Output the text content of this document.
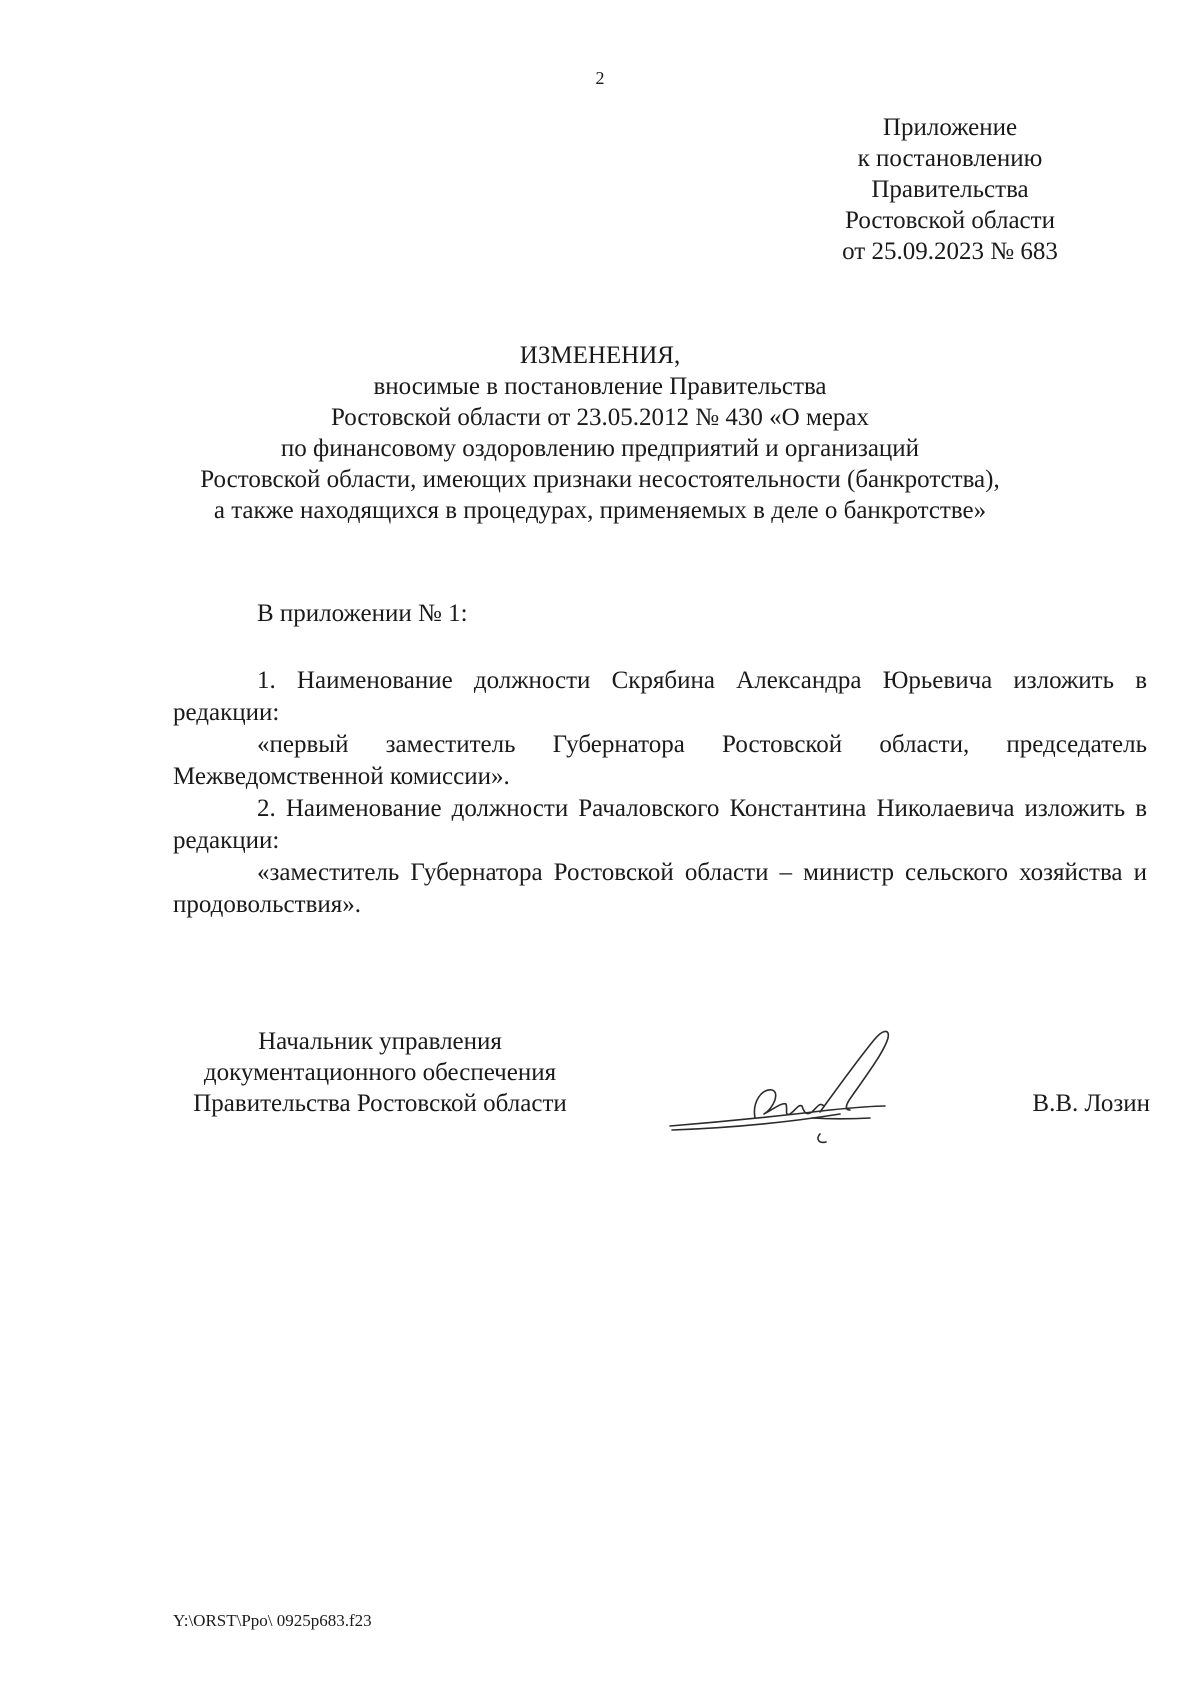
2
Приложение
к постановлению
Правительства
Ростовской области
от 25.09.2023 № 683
ИЗМЕНЕНИЯ,
вносимые в постановление Правительства
Ростовской области от 23.05.2012 № 430 «О мерах
по финансовому оздоровлению предприятий и организаций
Ростовской области, имеющих признаки несостоятельности (банкротства),
а также находящихся в процедурах, применяемых в деле о банкротстве»
В приложении № 1:

1. Наименование должности Скрябина Александра Юрьевича изложить в редакции:

«первый заместитель Губернатора Ростовской области, председатель Межведомственной комиссии».

2. Наименование должности Рачаловского Константина Николаевича изложить в редакции:

«заместитель Губернатора Ростовской области – министр сельского хозяйства и продовольствия».

Начальник управления
документационного обеспечения
Правительства Ростовской области	В.В. Лозин
Y:\ORST\Ppo\ 0925p683.f23
